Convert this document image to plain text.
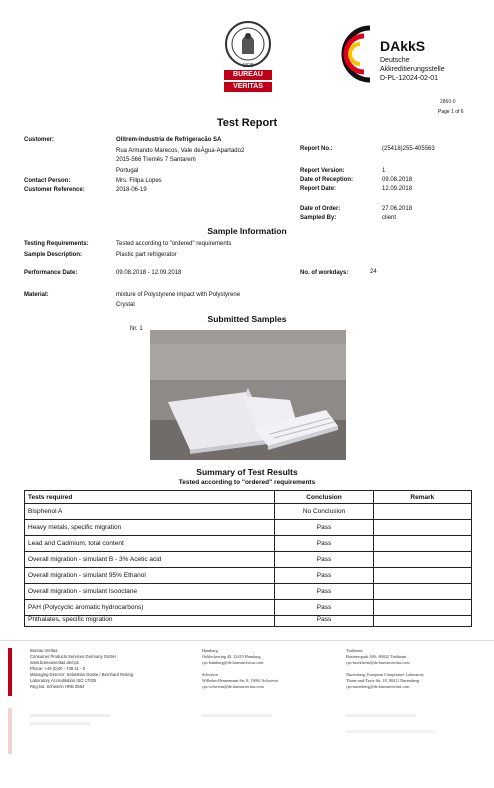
BUREAU
VERITAS
1828
DAkkS
Deutsche
Akkreditierungsstelle
D-PL-12024-02-01
2860-0
Page 1 of 6
Test Report
Customer:	Olitrem-Industria de Refrigeracão SA
Rua Armando Marecos, Vale deÁgua-Apartado2
2015-566 Tremês 7 Santarem
Portugal
Contact Person:	Mrs. Filipa Lopes
Customer Reference:	2018-06-19
Report No.:	(25418)255-405563
Report Version:	1
Date of Reception:	09.08.2018
Report Date:	12.09.2018
Date of Order:	27.06.2018
Sampled By:	client
Sample Information
Testing Requirements:	Tested according to "ordered" requirements
Sample Description:	Plastic part refrigerator
Performance Date:	09.08.2018 - 12.09.2018	No. of workdays:	24
Material:	mixture of Polystyrene impact with Polystyrene
Crystal
Submitted Samples
Nr. 1
Summary of Test Results
Tested according to "ordered" requirements
Tests required	Conclusion	Remark
Bisphenol A	No Conclusion	
Heavy metals, specific migration	Pass	
Lead and Cadmium, total content	Pass	
Overall migration - simulant B - 3% Acetic acid	Pass	
Overall migration - simulant 95% Ethanol	Pass	
Overall migration - simulant Isooctane	Pass	
PAH (Polycyclic aromatic hydrocarbons)	Pass	
Phthalates, specific migration	Pass	
Bureau Veritas
Consumer Products Services Germany GmbH
www.bureauveritas.de/cps
Phone: +49 (0)40 - 749 41 - 0
Managing Director: Sebastian Dosse / Bernhard Rosing
Laboratory Accreditation ISO 17025
Reg.No. Schwerin HRB 3564
Hamburg
Oehleckerring 40, 22419 Hamburg
cps-hamburg@de.bureauveritas.com

Schwerin
Wilhelm-Hennemann-Str. 8, 19061 Schwerin
cps-schwerin@de.bureauveritas.com
Türkheim
Businesspark A96, 86842 Türkheim
cps-tuerkheim@de.bureauveritas.com

Nuremberg, European Compliance Laboratory
Thurn-und-Taxis-Str. 18, 90411 Nuremberg
cps-nuernberg@de.bureauveritas.com
